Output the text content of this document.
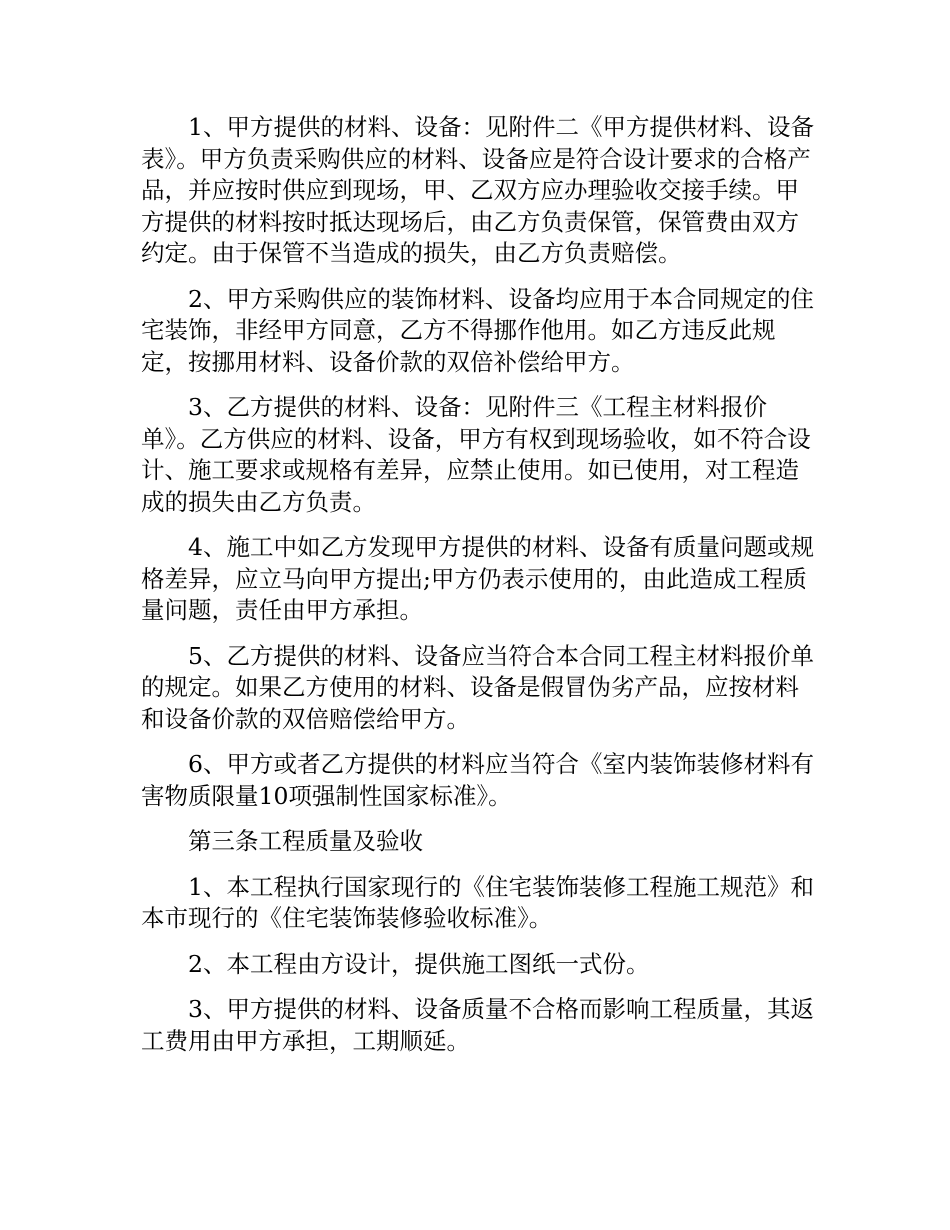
1、甲方提供的材料、设备：见附件二《甲方提供材料、设备表》。甲方负责采购供应的材料、设备应是符合设计要求的合格产品，并应按时供应到现场，甲、乙双方应办理验收交接手续。甲方提供的材料按时抵达现场后，由乙方负责保管，保管费由双方约定。由于保管不当造成的损失，由乙方负责赔偿。

2、甲方采购供应的装饰材料、设备均应用于本合同规定的住宅装饰，非经甲方同意，乙方不得挪作他用。如乙方违反此规定，按挪用材料、设备价款的双倍补偿给甲方。

3、乙方提供的材料、设备：见附件三《工程主材料报价单》。乙方供应的材料、设备，甲方有权到现场验收，如不符合设计、施工要求或规格有差异，应禁止使用。如已使用，对工程造成的损失由乙方负责。

4、施工中如乙方发现甲方提供的材料、设备有质量问题或规格差异，应立马向甲方提出;甲方仍表示使用的，由此造成工程质量问题，责任由甲方承担。

5、乙方提供的材料、设备应当符合本合同工程主材料报价单的规定。如果乙方使用的材料、设备是假冒伪劣产品，应按材料和设备价款的双倍赔偿给甲方。

6、甲方或者乙方提供的材料应当符合《室内装饰装修材料有害物质限量10项强制性国家标准》。

第三条工程质量及验收

1、本工程执行国家现行的《住宅装饰装修工程施工规范》和本市现行的《住宅装饰装修验收标准》。

2、本工程由方设计，提供施工图纸一式份。

3、甲方提供的材料、设备质量不合格而影响工程质量，其返工费用由甲方承担，工期顺延。
